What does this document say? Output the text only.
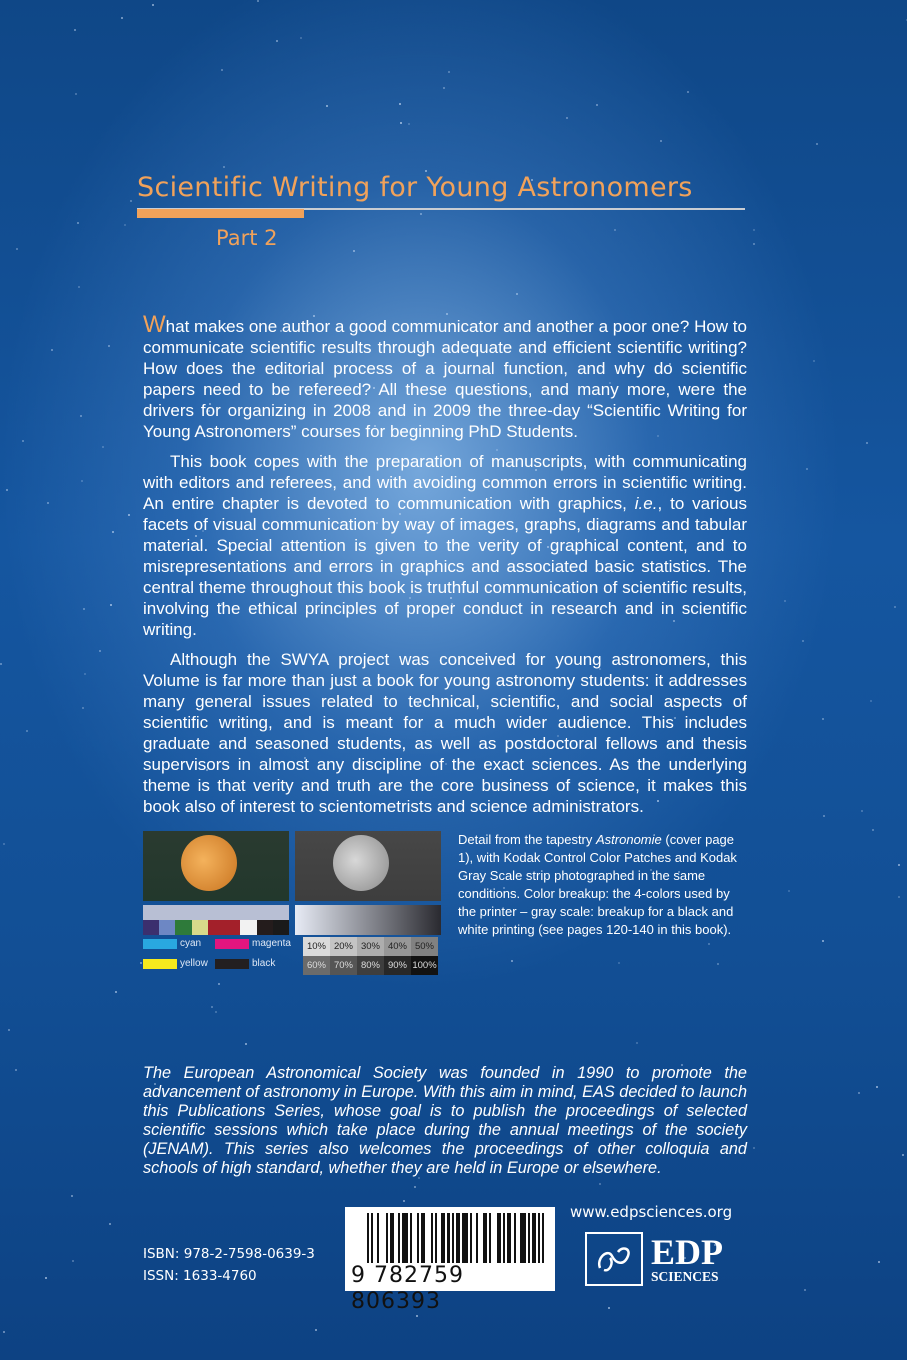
Scientific Writing for Young Astronomers
Part 2

What makes one author a good communicator and another a poor one? How to communicate scientific results through adequate and efficient scientific writing? How does the editorial process of a journal function, and why do scientific papers need to be refereed? All these questions, and many more, were the drivers for organizing in 2008 and in 2009 the three-day “Scientific Writing for Young Astronomers” courses for beginning PhD Students.

This book copes with the preparation of manuscripts, with communicating with editors and referees, and with avoiding common errors in scientific writing. An entire chapter is devoted to communication with graphics, i.e., to various facets of visual communication by way of images, graphs, diagrams and tabular material. Special attention is given to the verity of graphical content, and to misrepresentations and errors in graphics and associated basic statistics. The central theme throughout this book is truthful communication of scientific results, involving the ethical principles of proper conduct in research and in scientific writing.

Although the SWYA project was conceived for young astronomers, this Volume is far more than just a book for young astronomy students: it addresses many general issues related to technical, scientific, and social aspects of scientific writing, and is meant for a much wider audience. This includes graduate and seasoned students, as well as postdoctoral fellows and thesis supervisors in almost any discipline of the exact sciences. As the underlying theme is that verity and truth are the core business of science, it makes this book also of interest to scientometrists and science administrators.

cyan	magenta
yellow	black
10% 20% 30% 40% 50%
60% 70% 80% 90% 100%
Detail from the tapestry Astronomie (cover page 1), with Kodak Control Color Patches and Kodak Gray Scale strip photographed in the same conditions. Color breakup: the 4-colors used by the printer – gray scale: breakup for a black and white printing (see pages 120-140 in this book).
The European Astronomical Society was founded in 1990 to promote the advancement of astronomy in Europe. With this aim in mind, EAS decided to launch this Publications Series, whose goal is to publish the proceedings of selected scientific sessions which take place during the annual meetings of the society (JENAM). This series also welcomes the proceedings of other colloquia and schools of high standard, whether they are held in Europe or elsewhere.
ISBN: 978-2-7598-0639-3
ISSN: 1633-4760	9 782759 806393
www.edpsciences.org
EDP
SCIENCES
